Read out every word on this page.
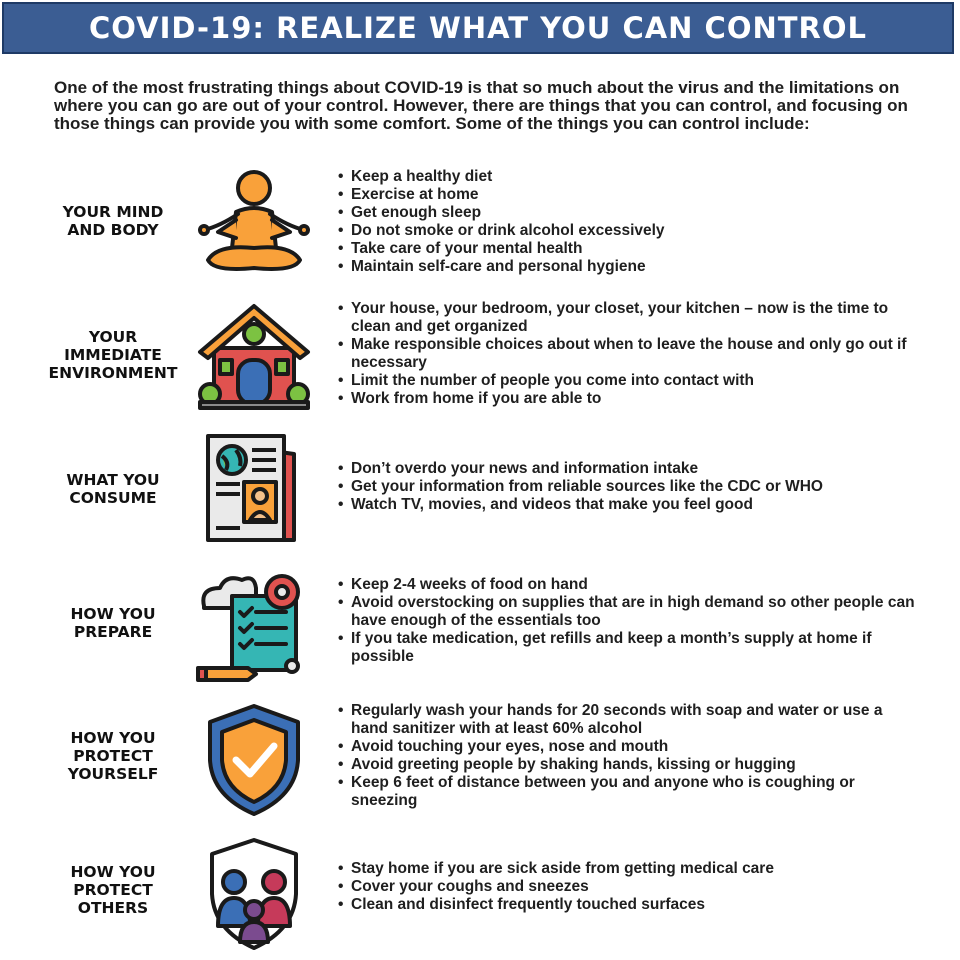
COVID-19: REALIZE WHAT YOU CAN CONTROL
One of the most frustrating things about COVID-19 is that so much about the virus and the limitations on where you can go are out of your control. However, there are things that you can control, and focusing on those things can provide you with some comfort. Some of the things you can control include:
YOUR MIND
AND BODY
• Keep a healthy diet
• Exercise at home
• Get enough sleep
• Do not smoke or drink alcohol excessively
• Take care of your mental health
• Maintain self-care and personal hygiene
YOUR
IMMEDIATE
ENVIRONMENT
• Your house, your bedroom, your closet, your kitchen – now is the time to clean and get organized
• Make responsible choices about when to leave the house and only go out if necessary
• Limit the number of people you come into contact with
• Work from home if you are able to
WHAT YOU
CONSUME
• Don’t overdo your news and information intake
• Get your information from reliable sources like the CDC or WHO
• Watch TV, movies, and videos that make you feel good
HOW YOU
PREPARE
• Keep 2-4 weeks of food on hand
• Avoid overstocking on supplies that are in high demand so other people can have enough of the essentials too
• If you take medication, get refills and keep a month’s supply at home if possible
HOW YOU
PROTECT
YOURSELF
• Regularly wash your hands for 20 seconds with soap and water or use a hand sanitizer with at least 60% alcohol
• Avoid touching your eyes, nose and mouth
• Avoid greeting people by shaking hands, kissing or hugging
• Keep 6 feet of distance between you and anyone who is coughing or sneezing
HOW YOU
PROTECT
OTHERS
• Stay home if you are sick aside from getting medical care
• Cover your coughs and sneezes
• Clean and disinfect frequently touched surfaces
